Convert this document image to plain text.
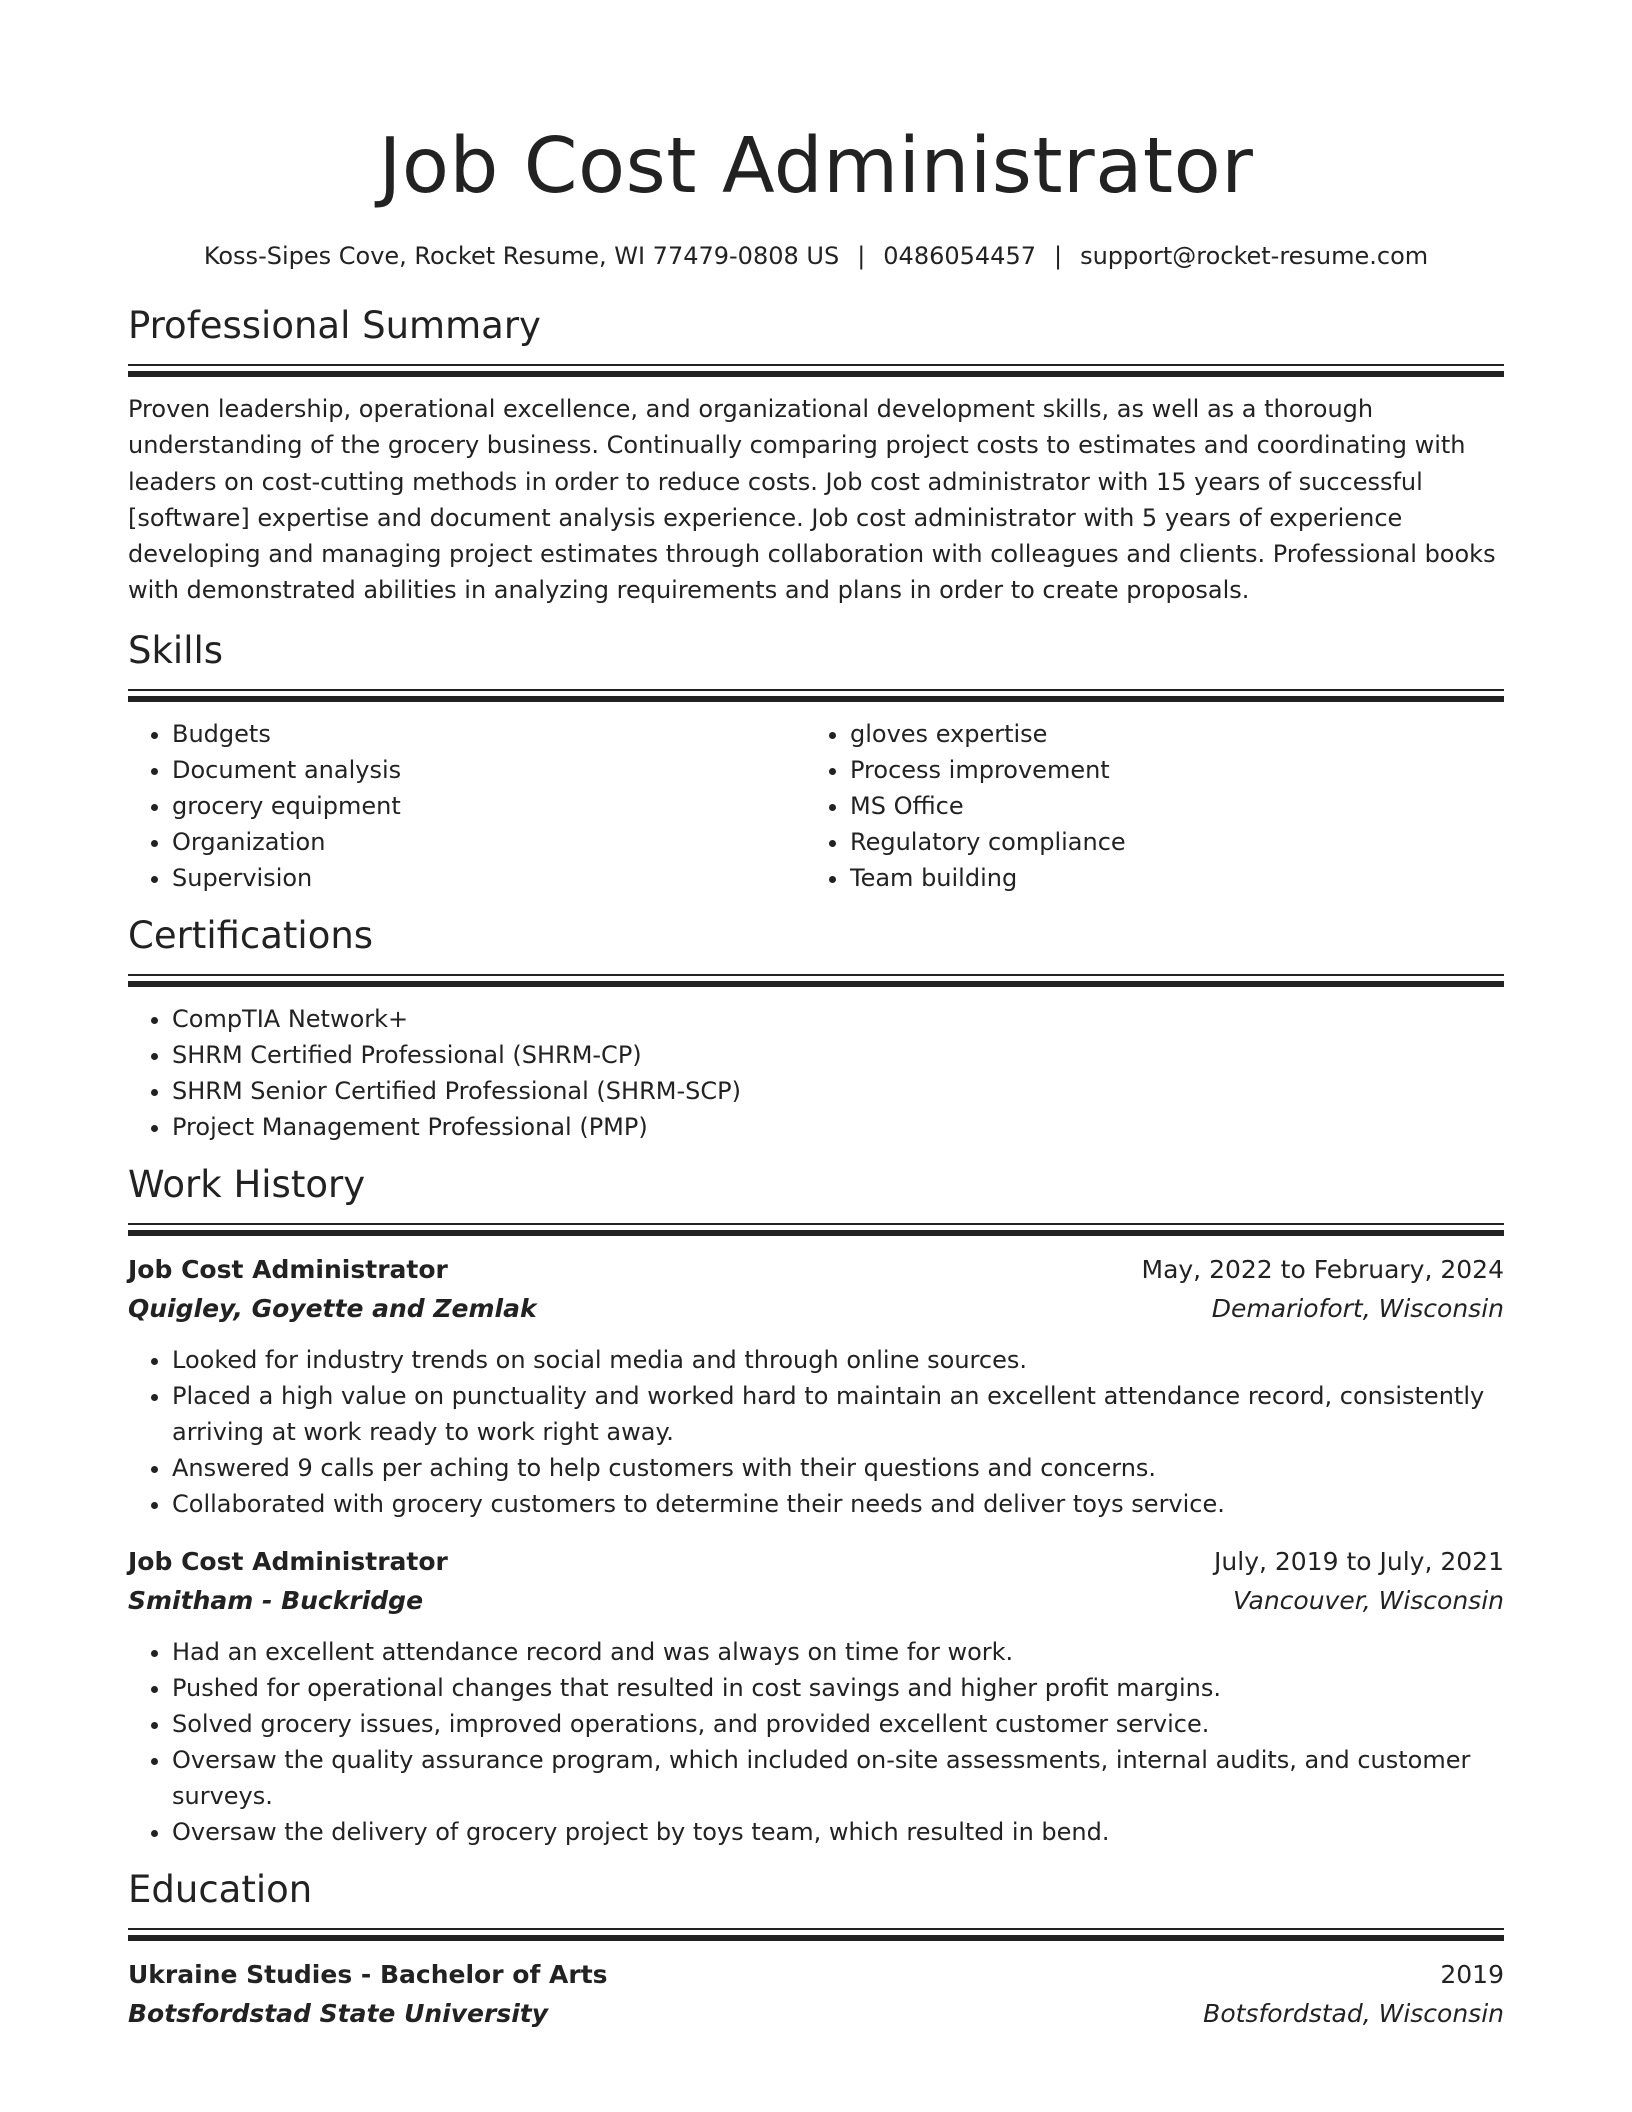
Job Cost Administrator
Koss-Sipes Cove, Rocket Resume, WI 77479-0808 US | 0486054457 | support@rocket-resume.com
Professional Summary

Proven leadership, operational excellence, and organizational development skills, as well as a thorough understanding of the grocery business. Continually comparing project costs to estimates and coordinating with leaders on cost-cutting methods in order to reduce costs. Job cost administrator with 15 years of successful [software] expertise and document analysis experience. Job cost administrator with 5 years of experience developing and managing project estimates through collaboration with colleagues and clients. Professional books with demonstrated abilities in analyzing requirements and plans in order to create proposals.

Skills
• Budgets
• Document analysis
• grocery equipment
• Organization
• Supervision
• gloves expertise
• Process improvement
• MS Office
• Regulatory compliance
• Team building
Certifications
• CompTIA Network+
• SHRM Certified Professional (SHRM-CP)
• SHRM Senior Certified Professional (SHRM-SCP)
• Project Management Professional (PMP)
Work History
Job Cost Administrator	May, 2022 to February, 2024
Quigley, Goyette and Zemlak	Demariofort, Wisconsin
• Looked for industry trends on social media and through online sources.
• Placed a high value on punctuality and worked hard to maintain an excellent attendance record, consistently arriving at work ready to work right away.
• Answered 9 calls per aching to help customers with their questions and concerns.
• Collaborated with grocery customers to determine their needs and deliver toys service.
Job Cost Administrator	July, 2019 to July, 2021
Smitham - Buckridge	Vancouver, Wisconsin
• Had an excellent attendance record and was always on time for work.
• Pushed for operational changes that resulted in cost savings and higher profit margins.
• Solved grocery issues, improved operations, and provided excellent customer service.
• Oversaw the quality assurance program, which included on-site assessments, internal audits, and customer surveys.
• Oversaw the delivery of grocery project by toys team, which resulted in bend.
Education
Ukraine Studies - Bachelor of Arts	2019
Botsfordstad State University	Botsfordstad, Wisconsin
